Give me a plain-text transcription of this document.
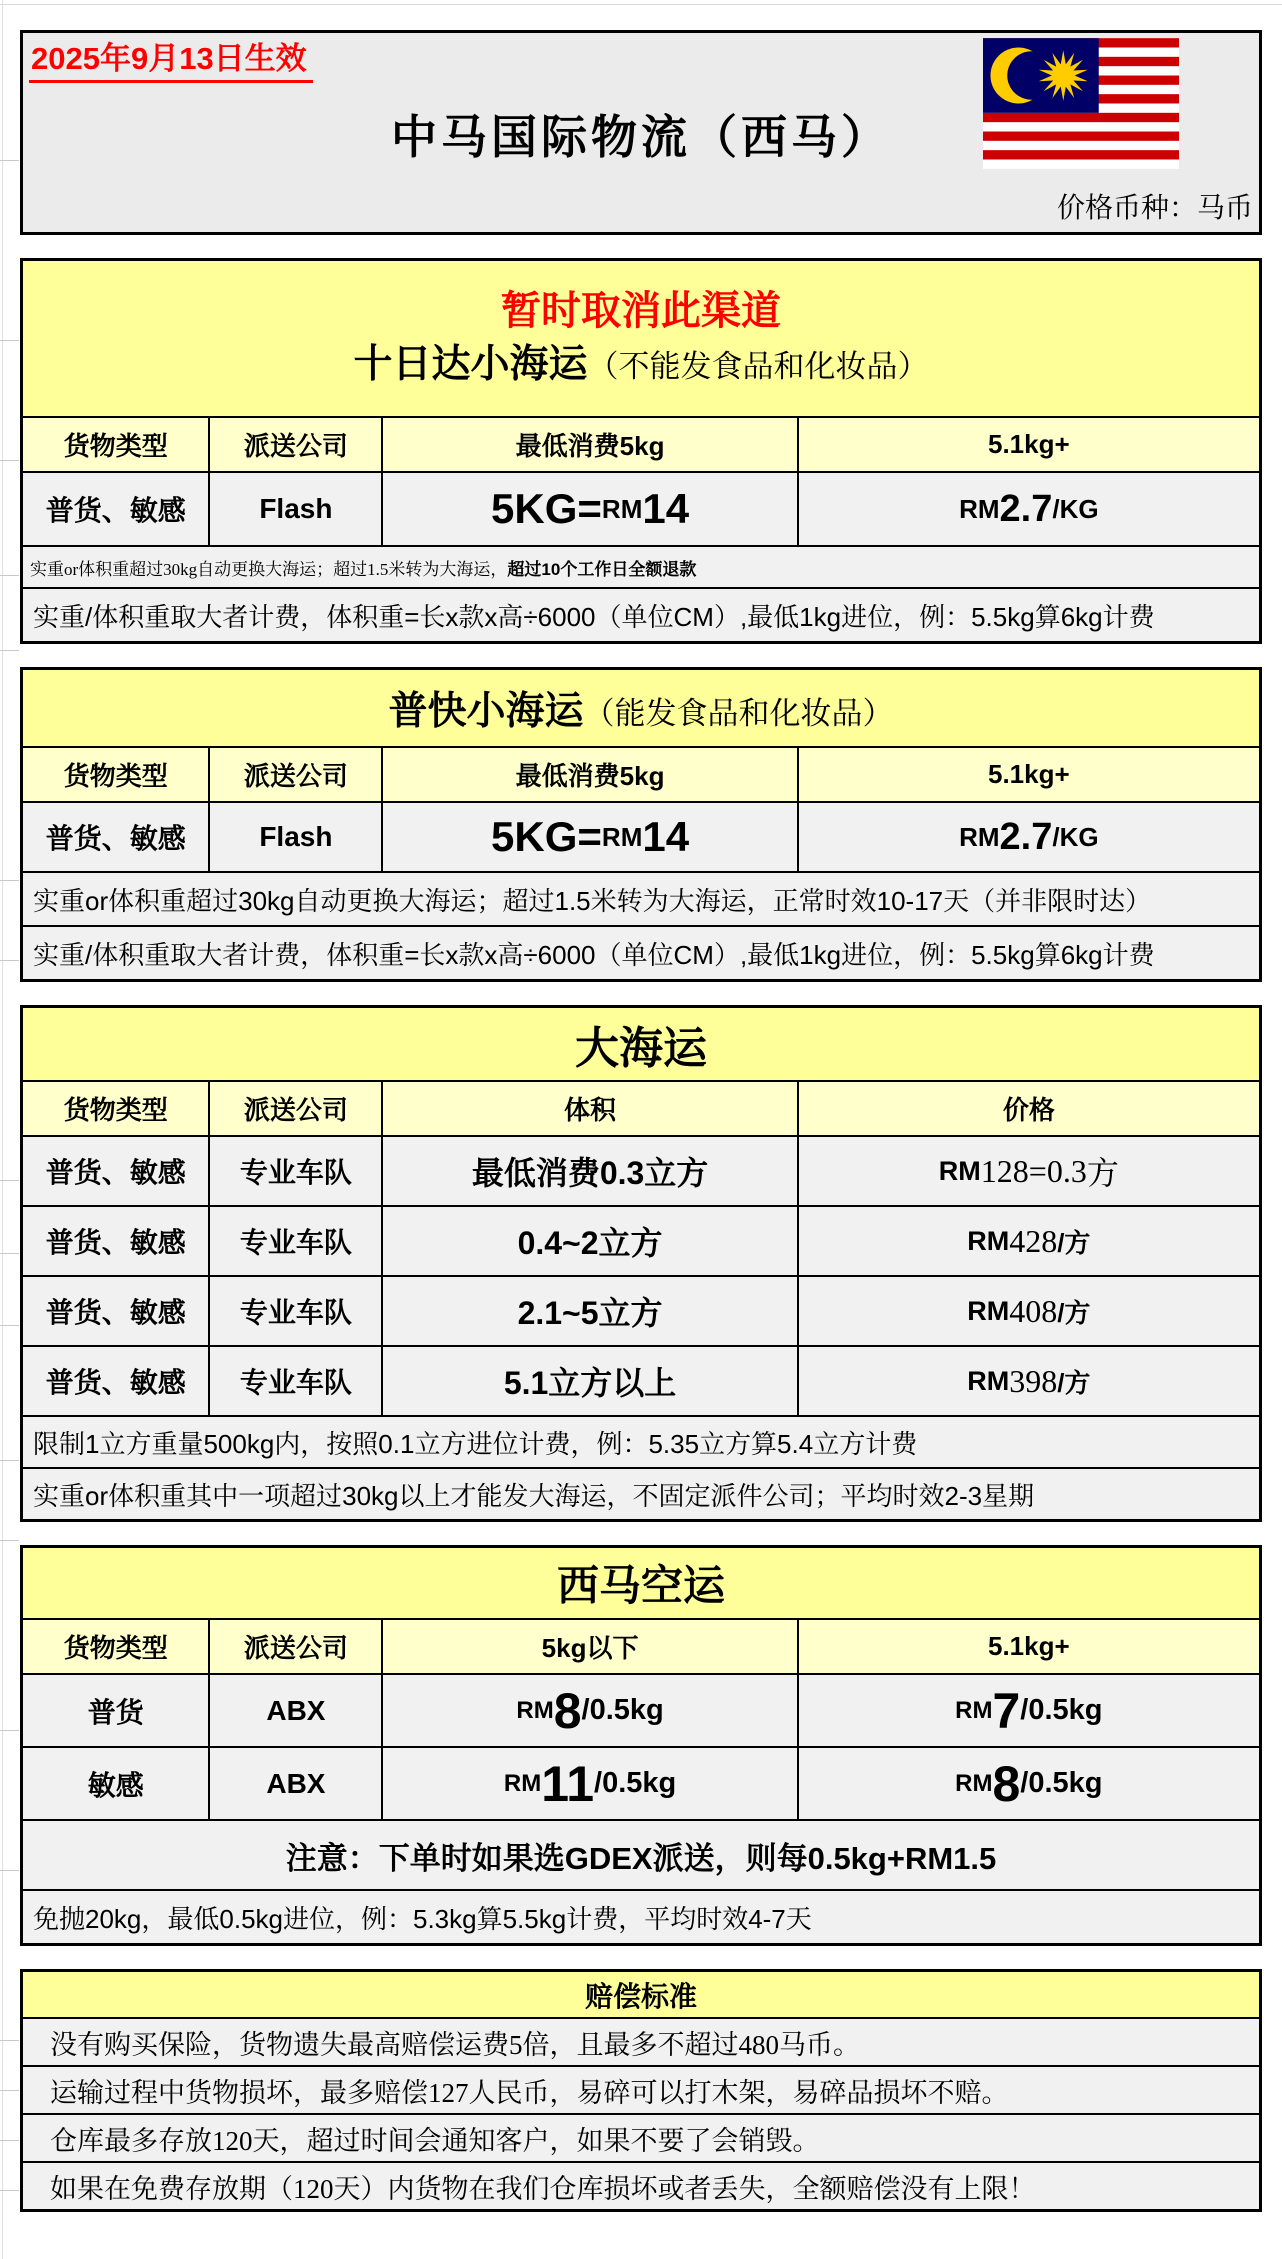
2025年9月13日生效
中马国际物流（西马）
价格币种：马币
暂时取消此渠道
十日达小海运（不能发食品和化妆品）
货物类型	派送公司	最低消费5kg	5.1kg+
普货、敏感	Flash	5KG= RM 14	RM 2.7 /KG
实重or体积重超过30kg自动更换大海运；超过1.5米转为大海运， 超过10个工作日全额退款
实重/体积重取大者计费，体积重=长x款x高÷6000（单位CM）,最低1kg进位，例：5.5kg算6kg计费
普快小海运（能发食品和化妆品）
货物类型	派送公司	最低消费5kg	5.1kg+
普货、敏感	Flash	5KG= RM 14	RM 2.7 /KG
实重or体积重超过30kg自动更换大海运；超过1.5米转为大海运，正常时效10-17天（并非限时达）
实重/体积重取大者计费，体积重=长x款x高÷6000（单位CM）,最低1kg进位，例：5.5kg算6kg计费
大海运
货物类型	派送公司	体积	价格
普货、敏感	专业车队	最低消费0.3立方	RM 128=0.3 方
普货、敏感	专业车队	0.4~2立方	RM 428 /方
普货、敏感	专业车队	2.1~5立方	RM 408 /方
普货、敏感	专业车队	5.1立方以上	RM 398 /方
限制1立方重量500kg内，按照0.1立方进位计费，例：5.35立方算5.4立方计费
实重or体积重其中一项超过30kg以上才能发大海运，不固定派件公司；平均时效2-3星期
西马空运
货物类型	派送公司	5kg以下	5.1kg+
普货	ABX	RM 8 /0.5kg	RM 7 /0.5kg
敏感	ABX	RM 11 /0.5kg	RM 8 /0.5kg
注意：下单时如果选GDEX派送，则每0.5kg+RM1.5
免抛20kg，最低0.5kg进位，例：5.3kg算5.5kg计费，平均时效4-7天
赔偿标准
没有购买保险，货物遗失最高赔偿运费5倍，且最多不超过480马币。
运输过程中货物损坏，最多赔偿127人民币，易碎可以打木架，易碎品损坏不赔。
仓库最多存放120天，超过时间会通知客户，如果不要了会销毁。
如果在免费存放期（120天）内货物在我们仓库损坏或者丢失，全额赔偿没有上限！
